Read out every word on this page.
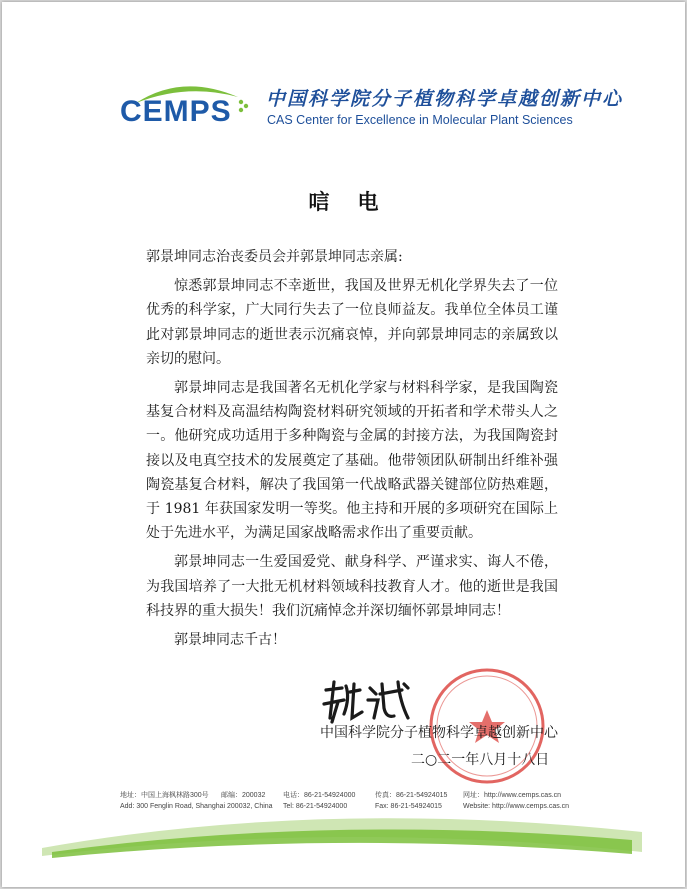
CEMPS 中国科学院分子植物科学卓越创新中心
CAS Center for Excellence in Molecular Plant Sciences
唁电

郭景坤同志治丧委员会并郭景坤同志亲属:

惊悉郭景坤同志不幸逝世，我国及世界无机化学界失去了一位优秀的科学家，广大同行失去了一位良师益友。我单位全体员工谨此对郭景坤同志的逝世表示沉痛哀悼，并向郭景坤同志的亲属致以亲切的慰问。

郭景坤同志是我国著名无机化学家与材料科学家，是我国陶瓷基复合材料及高温结构陶瓷材料研究领域的开拓者和学术带头人之一。他研究成功适用于多种陶瓷与金属的封接方法，为我国陶瓷封接以及电真空技术的发展奠定了基础。他带领团队研制出纤维补强陶瓷基复合材料，解决了我国第一代战略武器关键部位防热难题，于 1981 年获国家发明一等奖。他主持和开展的多项研究在国际上处于先进水平，为满足国家战略需求作出了重要贡献。

郭景坤同志一生爱国爱党、献身科学、严谨求实、诲人不倦，为我国培养了一大批无机材料领域科技教育人才。他的逝世是我国科技界的重大损失！我们沉痛悼念并深切缅怀郭景坤同志！

郭景坤同志千古！

中国科学院分子植物科学卓越创新中心
二○二一年八月十八日
地址：中国上海枫林路300号 邮编：200032	电话：86-21-54924000	传真：86-21-54924015 网址：http://www.cemps.cas.cn
Add: 300 Fenglin Road, Shanghai 200032, China Tel: 86-21-54924000	Fax: 86-21-54924015	Website: http://www.cemps.cas.cn
